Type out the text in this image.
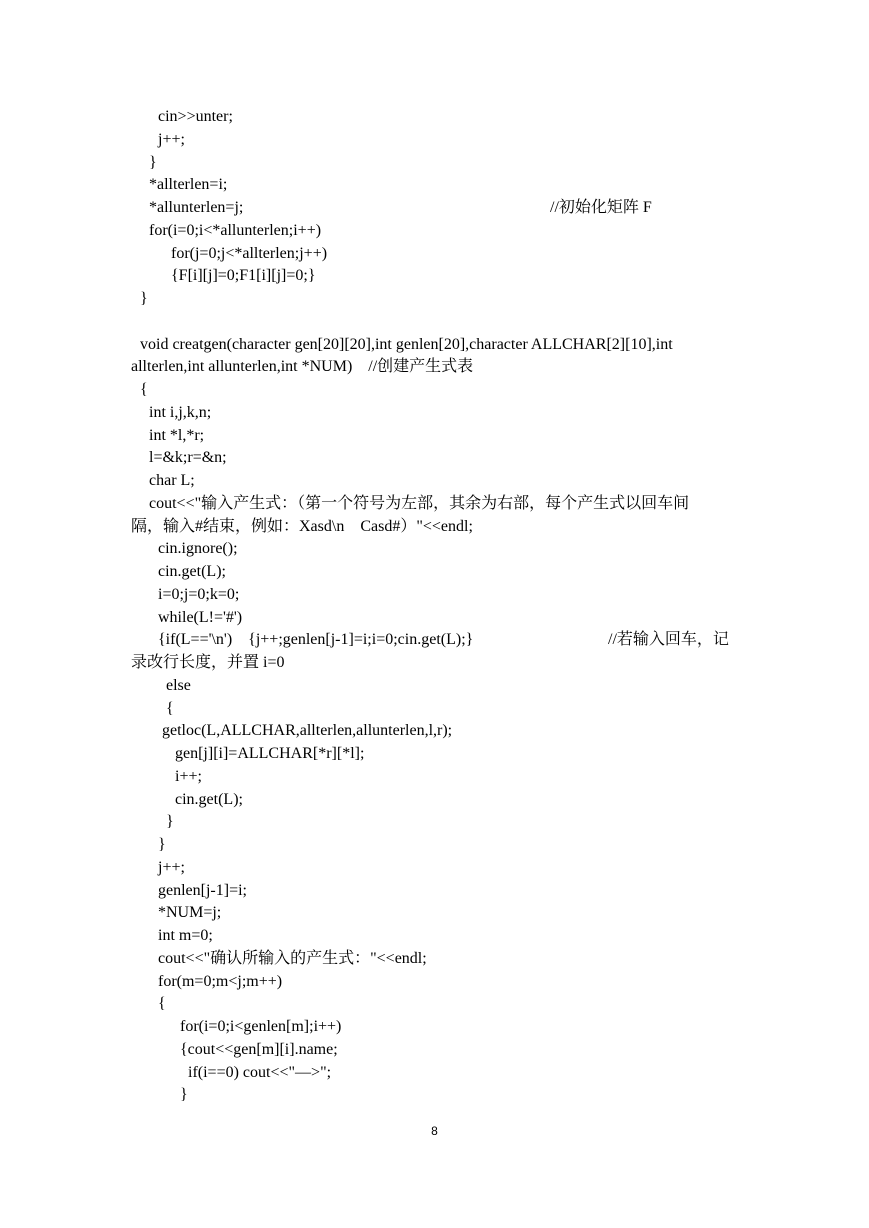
cin>>unter;
j++;
}
*allterlen=i;
*allunterlen=j;	//初始化矩阵 F
for(i=0;i<*allunterlen;i++)
for(j=0;j<*allterlen;j++)
{F[i][j]=0;F1[i][j]=0;}
}
void creatgen(character gen[20][20],int genlen[20],character ALLCHAR[2][10],int
allterlen,int allunterlen,int *NUM)    //创建产生式表
{
int i,j,k,n;
int *l,*r;
l=&k;r=&n;
char L;
cout<<"输入产生式：（第一个符号为左部，其余为右部，每个产生式以回车间
隔，输入#结束，例如：Xasd\n    Casd#）"<<endl;
cin.ignore();
cin.get(L);
i=0;j=0;k=0;
while(L!='#')
{if(L=='\n')    {j++;genlen[j-1]=i;i=0;cin.get(L);}	//若输入回车，记
录改行长度，并置 i=0
else
{
getloc(L,ALLCHAR,allterlen,allunterlen,l,r);
gen[j][i]=ALLCHAR[*r][*l];
i++;
cin.get(L);
}
}
j++;
genlen[j-1]=i;
*NUM=j;
int m=0;
cout<<"确认所输入的产生式："<<endl;
for(m=0;m<j;m++)
{
for(i=0;i<genlen[m];i++)
{cout<<gen[m][i].name;
if(i==0) cout<<"—>";
}
8
